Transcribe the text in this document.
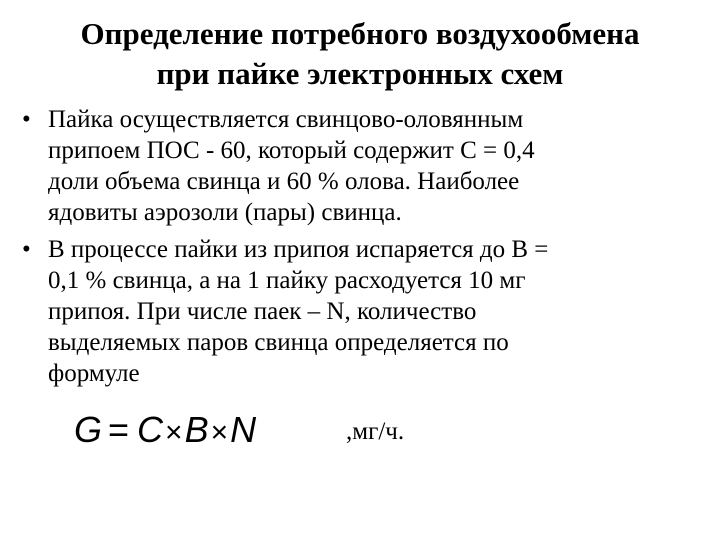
Определение потребного воздухообмена
при пайке электронных схем
• Пайка осуществляется свинцово-оловянным
припоем ПОС - 60, который содержит C = 0,4
доли объема свинца и 60 % олова. Наиболее
ядовиты аэрозоли (пары) свинца.
• В процессе пайки из припоя испаряется до B =
0,1 % свинца, а на 1 пайку расходуется 10 мг
припоя. При числе паек – N, количество
выделяемых паров свинца определяется по
формуле
G = C×B×N	,мг/ч.
